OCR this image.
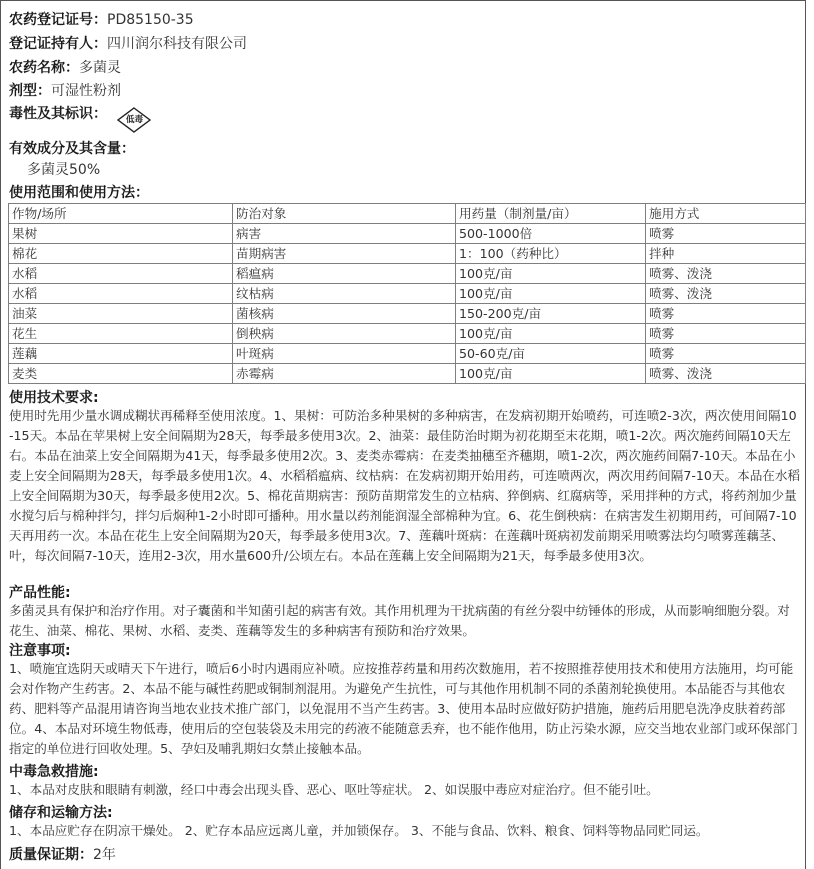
农药登记证号：PD85150-35
登记证持有人：四川润尔科技有限公司
农药名称：多菌灵
剂型：可湿性粉剂
毒性及其标识：	低毒
有效成分及其含量：
多菌灵50%
使用范围和使用方法：
作物/场所	防治对象	用药量（制剂量/亩）	施用方式
果树	病害	500-1000倍	喷雾
棉花	苗期病害	1：100（药种比）	拌种
水稻	稻瘟病	100克/亩	喷雾、泼浇
水稻	纹枯病	100克/亩	喷雾、泼浇
油菜	菌核病	150-200克/亩	喷雾
花生	倒秧病	100克/亩	喷雾
莲藕	叶斑病	50-60克/亩	喷雾
麦类	赤霉病	100克/亩	喷雾、泼浇
使用技术要求:
使用时先用少量水调成糊状再稀释至使用浓度。1、果树：可防治多种果树的多种病害，在发病初期开始喷药，可连喷2-3次，两次使用间隔10-15天。本品在苹果树上安全间隔期为28天，每季最多使用3次。2、油菜：最佳防治时期为初花期至末花期，喷1-2次。两次施药间隔10天左右。本品在油菜上安全间隔期为41天，每季最多使用2次。3、麦类赤霉病：在麦类抽穗至齐穗期，喷1-2次，两次施药间隔7-10天。本品在小麦上安全间隔期为28天，每季最多使用1次。4、水稻稻瘟病、纹枯病：在发病初期开始用药，可连喷两次，两次用药间隔7-10天。本品在水稻上安全间隔期为30天，每季最多使用2次。5、棉花苗期病害：预防苗期常发生的立枯病、猝倒病、红腐病等，采用拌种的方式，将药剂加少量水搅匀后与棉种拌匀，拌匀后焖种1-2小时即可播种。用水量以药剂能润湿全部棉种为宜。6、花生倒秧病：在病害发生初期用药，可间隔7-10天再用药一次。本品在花生上安全间隔期为20天，每季最多使用3次。7、莲藕叶斑病：在莲藕叶斑病初发前期采用喷雾法均匀喷雾莲藕茎、叶，每次间隔7-10天，连用2-3次，用水量600升/公顷左右。本品在莲藕上安全间隔期为21天，每季最多使用3次。
产品性能:
多菌灵具有保护和治疗作用。对子囊菌和半知菌引起的病害有效。其作用机理为干扰病菌的有丝分裂中纺锤体的形成，从而影响细胞分裂。对花生、油菜、棉花、果树、水稻、麦类、莲藕等发生的多种病害有预防和治疗效果。
注意事项:
1、喷施宜选阴天或晴天下午进行，喷后6小时内遇雨应补喷。应按推荐药量和用药次数施用，若不按照推荐使用技术和使用方法施用，均可能会对作物产生药害。2、本品不能与碱性药肥或铜制剂混用。为避免产生抗性，可与其他作用机制不同的杀菌剂轮换使用。本品能否与其他农药、肥料等产品混用请咨询当地农业技术推广部门，以免混用不当产生药害。3、使用本品时应做好防护措施，施药后用肥皂洗净皮肤着药部位。4、本品对环境生物低毒，使用后的空包装袋及未用完的药液不能随意丢弃，也不能作他用，防止污染水源，应交当地农业部门或环保部门指定的单位进行回收处理。5、孕妇及哺乳期妇女禁止接触本品。
中毒急救措施:
1、本品对皮肤和眼睛有刺激，经口中毒会出现头昏、恶心、呕吐等症状。 2、如误服中毒应对症治疗。但不能引吐。
储存和运输方法:
1、本品应贮存在阴凉干燥处。 2、贮存本品应远离儿童，并加锁保存。 3、不能与食品、饮料、粮食、饲料等物品同贮同运。
质量保证期：2年
